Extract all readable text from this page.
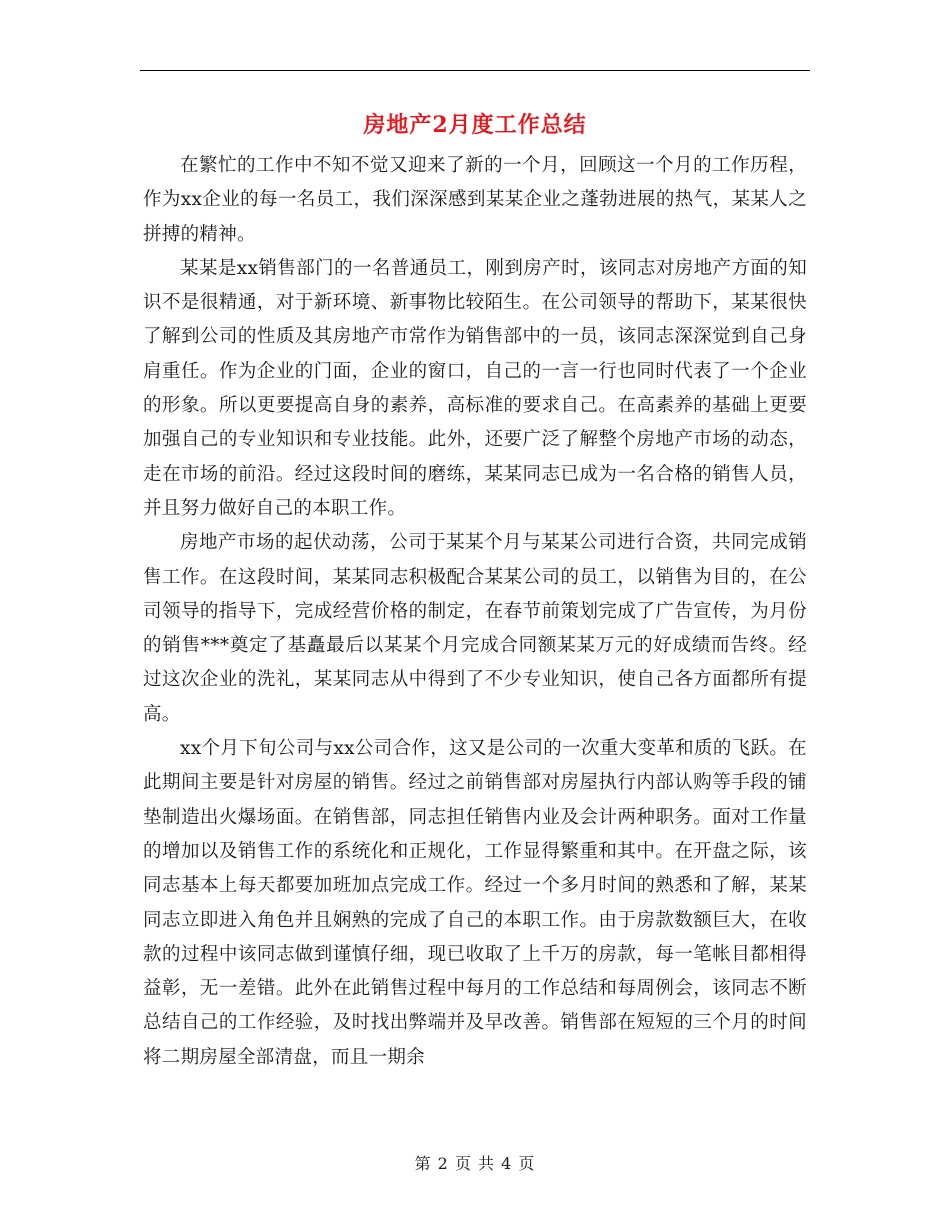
房地产2月度工作总结

在繁忙的工作中不知不觉又迎来了新的一个月，回顾这一个月的工作历程，作为xx企业的每一名员工，我们深深感到某某企业之蓬勃进展的热气，某某人之拼搏的精神。

某某是xx销售部门的一名普通员工，刚到房产时，该同志对房地产方面的知识不是很精通，对于新环境、新事物比较陌生。在公司领导的帮助下，某某很快了解到公司的性质及其房地产市常作为销售部中的一员，该同志深深觉到自己身肩重任。作为企业的门面，企业的窗口，自己的一言一行也同时代表了一个企业的形象。所以更要提高自身的素养，高标准的要求自己。在高素养的基础上更要加强自己的专业知识和专业技能。此外，还要广泛了解整个房地产市场的动态，走在市场的前沿。经过这段时间的磨练，某某同志已成为一名合格的销售人员，并且努力做好自己的本职工作。

房地产市场的起伏动荡，公司于某某个月与某某公司进行合资，共同完成销售工作。在这段时间，某某同志积极配合某某公司的员工，以销售为目的，在公司领导的指导下，完成经营价格的制定，在春节前策划完成了广告宣传，为月份的销售***奠定了基矗最后以某某个月完成合同额某某万元的好成绩而告终。经过这次企业的洗礼，某某同志从中得到了不少专业知识，使自己各方面都所有提高。

xx个月下旬公司与xx公司合作，这又是公司的一次重大变革和质的飞跃。在此期间主要是针对房屋的销售。经过之前销售部对房屋执行内部认购等手段的铺垫制造出火爆场面。在销售部，同志担任销售内业及会计两种职务。面对工作量的增加以及销售工作的系统化和正规化，工作显得繁重和其中。在开盘之际，该同志基本上每天都要加班加点完成工作。经过一个多月时间的熟悉和了解，某某同志立即进入角色并且娴熟的完成了自己的本职工作。由于房款数额巨大，在收款的过程中该同志做到谨慎仔细，现已收取了上千万的房款，每一笔帐目都相得益彰，无一差错。此外在此销售过程中每月的工作总结和每周例会，该同志不断总结自己的工作经验，及时找出弊端并及早改善。销售部在短短的三个月的时间将二期房屋全部清盘，而且一期余

第 2 页 共 4 页
